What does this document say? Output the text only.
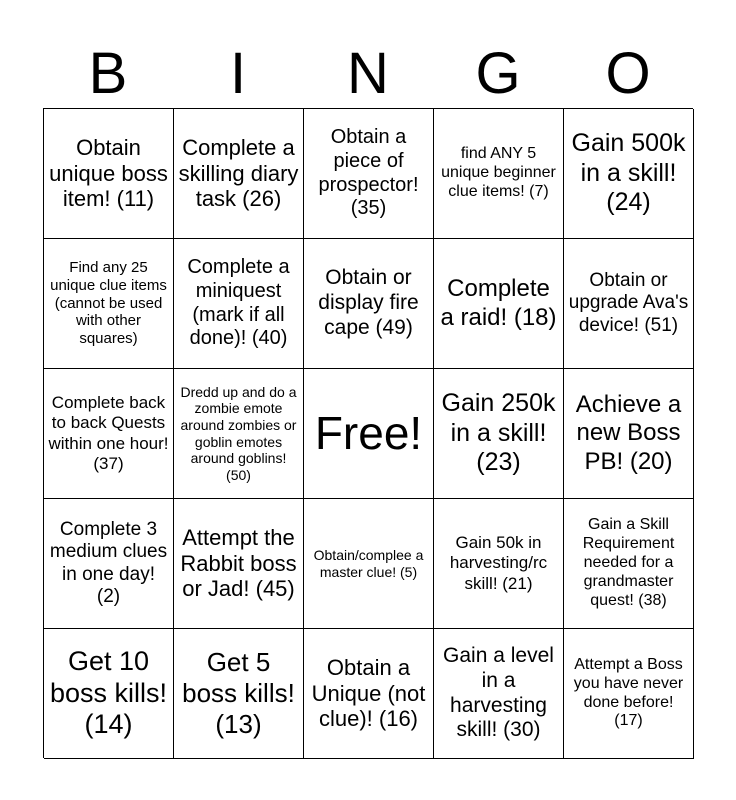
B	I	N	G	O
Obtain unique boss item! (11)
Complete a skilling diary task (26)
Obtain a piece of prospector! (35)
find ANY 5 unique beginner clue items! (7)
Gain 500k in a skill!(24)
Find any 25 unique clue items (cannot be used with other squares)
Complete a miniquest (mark if all done)! (40)
Obtain or display fire cape (49)
Complete a raid! (18)
Obtain or upgrade Ava's device! (51)
Complete back to back Quests within one hour! (37)
Dredd up and do a zombie emote around zombies or goblin emotes around goblins! (50)
Free!
Gain 250k in a skill!(23)
Achieve a new Boss PB! (20)
Complete 3 medium clues in one day! (2)
Attempt the Rabbit boss or Jad! (45)
Obtain/complee a master clue! (5)
Gain 50k in harvesting/rc skill! (21)
Gain a Skill Requirement needed for a grandmaster quest! (38)
Get 10 boss kills!(14)
Get 5 boss kills! (13)
Obtain a Unique (not clue)! (16)
Gain a level in a harvesting skill! (30)
Attempt a Boss you have never done before! (17)
